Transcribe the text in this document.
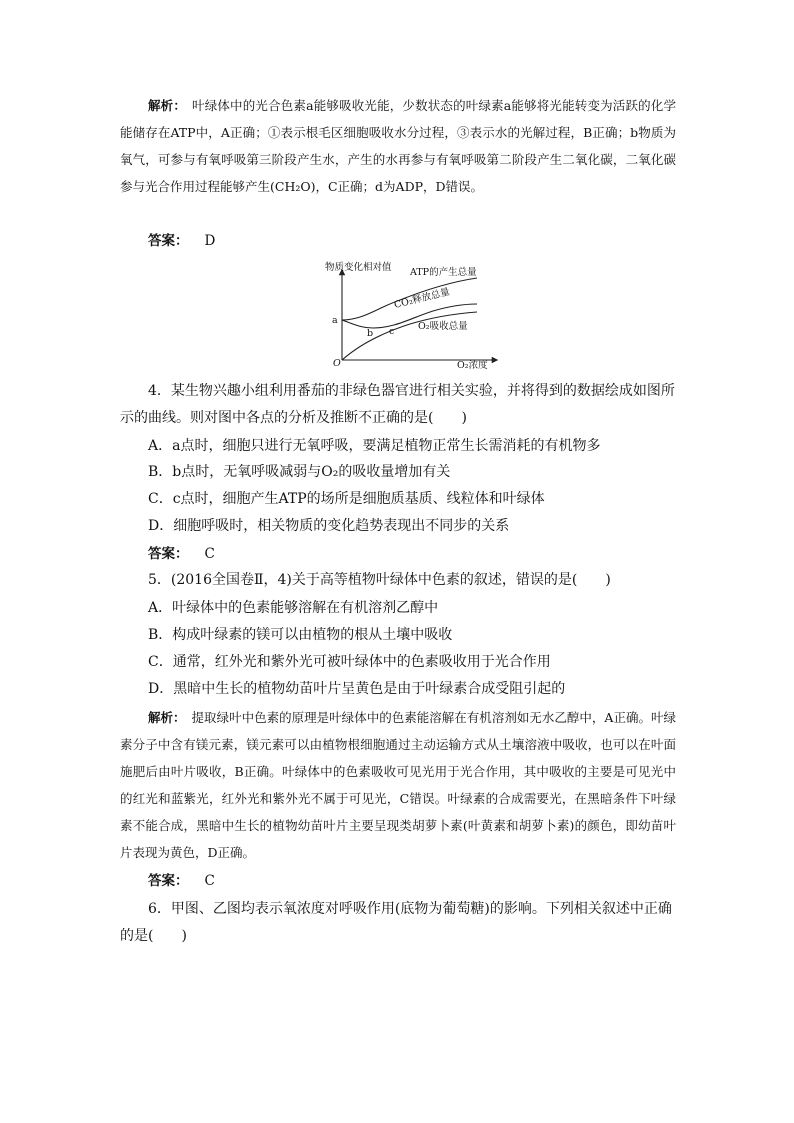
解析： 叶绿体中的光合色素a能够吸收光能，少数状态的叶绿素a能够将光能转变为活跃的化学能储存在ATP中，A正确；①表示根毛区细胞吸收水分过程，③表示水的光解过程，B正确；b物质为氧气，可参与有氧呼吸第三阶段产生水，产生的水再参与有氧呼吸第二阶段产生二氧化碳，二氧化碳参与光合作用过程能够产生(CH₂O)，C正确；d为ADP，D错误。
答案： D
物质变化相对值 ATP的产生总量
CO₂释放总量
O₂吸收总量
a
b c
O	O₂浓度
4．某生物兴趣小组利用番茄的非绿色器官进行相关实验，并将得到的数据绘成如图所示的曲线。则对图中各点的分析及推断不正确的是(　　)
A．a点时，细胞只进行无氧呼吸，要满足植物正常生长需消耗的有机物多
B．b点时，无氧呼吸减弱与O₂的吸收量增加有关
C．c点时，细胞产生ATP的场所是细胞质基质、线粒体和叶绿体
D．细胞呼吸时，相关物质的变化趋势表现出不同步的关系
答案： C
5．(2016全国卷Ⅱ，4)关于高等植物叶绿体中色素的叙述，错误的是(　　)
A．叶绿体中的色素能够溶解在有机溶剂乙醇中
B．构成叶绿素的镁可以由植物的根从土壤中吸收
C．通常，红外光和紫外光可被叶绿体中的色素吸收用于光合作用
D．黑暗中生长的植物幼苗叶片呈黄色是由于叶绿素合成受阻引起的
解析： 提取绿叶中色素的原理是叶绿体中的色素能溶解在有机溶剂如无水乙醇中，A正确。叶绿素分子中含有镁元素，镁元素可以由植物根细胞通过主动运输方式从土壤溶液中吸收，也可以在叶面施肥后由叶片吸收，B正确。叶绿体中的色素吸收可见光用于光合作用，其中吸收的主要是可见光中的红光和蓝紫光，红外光和紫外光不属于可见光，C错误。叶绿素的合成需要光，在黑暗条件下叶绿素不能合成，黑暗中生长的植物幼苗叶片主要呈现类胡萝卜素(叶黄素和胡萝卜素)的颜色，即幼苗叶片表现为黄色，D正确。
答案： C
6．甲图、乙图均表示氧浓度对呼吸作用(底物为葡萄糖)的影响。下列相关叙述中正确的是(　　)
